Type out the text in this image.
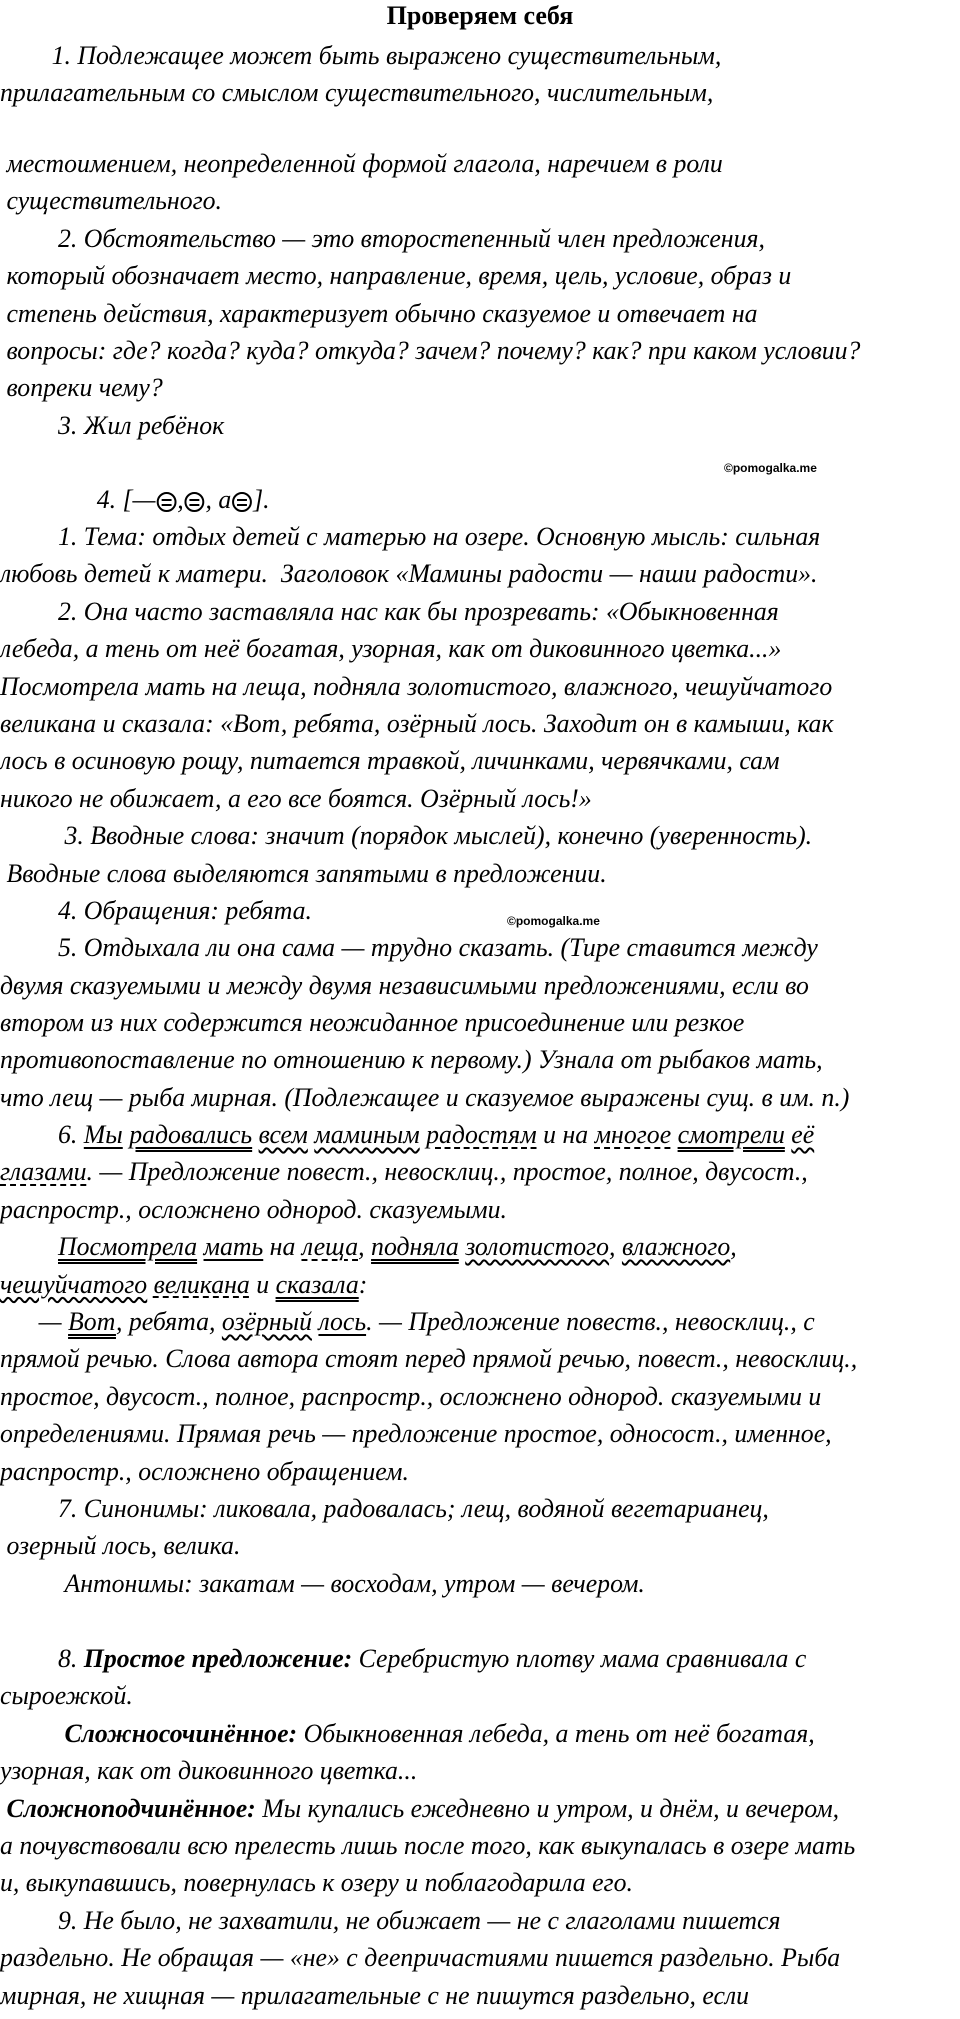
Проверяем себя
1. Подлежащее может быть выражено существительным,
прилагательным со смыслом существительного, числительным,
местоимением, неопределенной формой глагола, наречием в роли
существительного.
2. Обстоятельство — это второстепенный член предложения,
который обозначает место, направление, время, цель, условие, образ и
степень действия, характеризует обычно сказуемое и отвечает на
вопросы: где? когда? куда? откуда? зачем? почему? как? при каком условии?
вопреки чему?
3. Жил ребёнок

4. [— , , а ].

©pomogalka.me
1. Тема: отдых детей с матерью на озере. Основную мысль: сильная
любовь детей к матери.  Заголовок «Мамины радости — наши радости».
2. Она часто заставляла нас как бы прозревать: «Обыкновенная
лебеда, а тень от неё богатая, узорная, как от диковинного цветка...»
Посмотрела мать на леща, подняла золотистого, влажного, чешуйчатого
великана и сказала: «Вот, ребята, озёрный лось. Заходит он в камыши, как
лось в осиновую рощу, питается травкой, личинками, червячками, сам
никого не обижает, а его все боятся. Озёрный лось!»
3. Вводные слова: значит (порядок мыслей), конечно (уверенность).
Вводные слова выделяются запятыми в предложении.
4. Обращения: ребята.
5. Отдыхала ли она сама — трудно сказать. (Тире ставится между
двумя сказуемыми и между двумя независимыми предложениями, если во
втором из них содержится неожиданное присоединение или резкое
противопоставление по отношению к первому.) Узнала от рыбаков мать,
что лещ — рыба мирная. (Подлежащее и сказуемое выражены сущ. в им. п.)
©pomogalka.me
6. Мы радовались всем маминым радостям и на многое смотрели её
глазами. — Предложение повест., невосклиц., простое, полное, двусост.,
распростр., осложнено однород. сказуемыми.
Посмотрела мать на леща, подняла золотистого, влажного,
чешуйчатого великана и сказала:
— Вот, ребята, озёрный лось. — Предложение повеств., невосклиц., с
прямой речью. Слова автора стоят перед прямой речью, повест., невосклиц.,
простое, двусост., полное, распростр., осложнено однород. сказуемыми и
определениями. Прямая речь — предложение простое, односост., именное,
распростр., осложнено обращением.
7. Синонимы: ликовала, радовалась; лещ, водяной вегетарианец,
озерный лось, велика.
Антонимы: закатам — восходам, утром — вечером.
8. Простое предложение: Серебристую плотву мама сравнивала с
сыроежкой.
Сложносочинённое: Обыкновенная лебеда, а тень от неё богатая,
узорная, как от диковинного цветка...
Сложноподчинённое: Мы купались ежедневно и утром, и днём, и вечером,
а почувствовали всю прелесть лишь после того, как выкупалась в озере мать
и, выкупавшись, повернулась к озеру и поблагодарила его.
9. Не было, не захватили, не обижает — не с глаголами пишется
раздельно. Не обращая — «не» с деепричастиями пишется раздельно. Рыба
мирная, не хищная — прилагательные с не пишутся раздельно, если
